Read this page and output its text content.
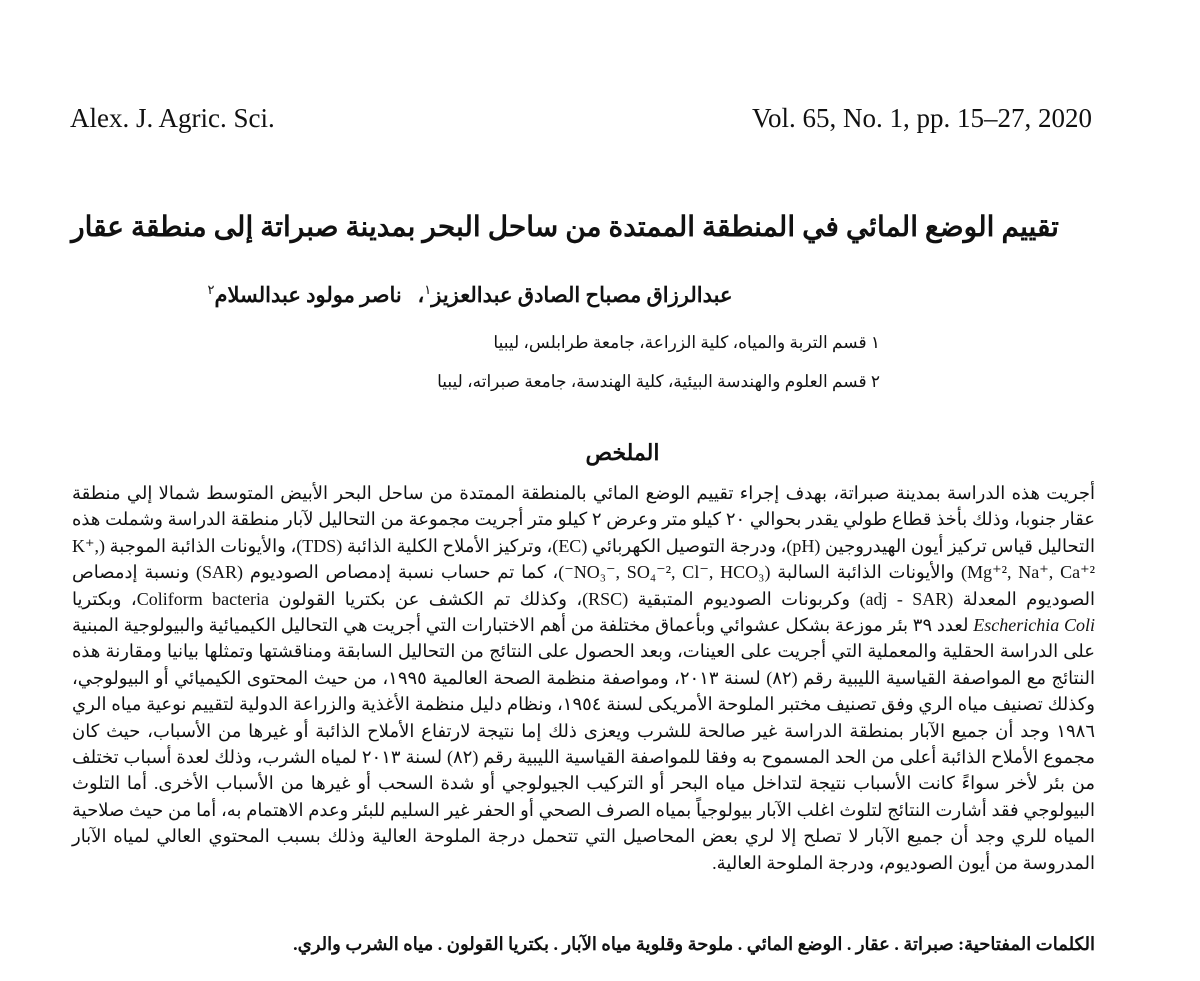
Alex. J. Agric. Sci.	Vol. 65, No. 1, pp. 15–27, 2020
تقييم الوضع المائي في المنطقة الممتدة من ساحل البحر بمدينة صبراتة إلى منطقة عقار
عبدالرزاق مصباح الصادق عبدالعزيز$^١$،   ناصر مولود عبدالسلام$^٢$
١ قسم التربة والمياه، كلية الزراعة، جامعة طرابلس، ليبيا
٢ قسم العلوم والهندسة البيئية، كلية الهندسة، جامعة صبراته، ليبيا
الملخص

أجريت هذه الدراسة بمدينة صبراتة، بهدف إجراء تقييم الوضع المائي بالمنطقة الممتدة من ساحل البحر الأبيض المتوسط شمالا إلي منطقة عقار جنوبا، وذلك بأخذ قطاع طولي يقدر بحوالي ٢٠ كيلو متر وعرض ٢ كيلو متر أجريت مجموعة من التحاليل لآبار منطقة الدراسة وشملت هذه التحاليل قياس تركيز أيون الهيدروجين (pH)، ودرجة التوصيل الكهربائي (EC)، وتركيز الأملاح الكلية الذائبة (TDS)، والأيونات الذائبة الموجبة (K⁺, Mg⁺², Na⁺, Ca⁺²) والأيونات الذائبة السالبة (NO₃⁻, SO₄⁻², Cl⁻, HCO₃⁻)، كما تم حساب نسبة إدمصاص الصوديوم (SAR) ونسبة إدمصاص الصوديوم المعدلة (adj - SAR) وكربونات الصوديوم المتبقية (RSC)، وكذلك تم الكشف عن بكتريا القولون Coliform bacteria، وبكتريا Escherichia Coli لعدد ٣٩ بئر موزعة بشكل عشوائي وبأعماق مختلفة من أهم الاختبارات التي أجريت هي التحاليل الكيميائية والبيولوجية المبنية على الدراسة الحقلية والمعملية التي أجريت على العينات، وبعد الحصول على النتائج من التحاليل السابقة ومناقشتها وتمثلها بيانيا ومقارنة هذه النتائج مع المواصفة القياسية الليبية رقم (٨٢) لسنة ٢٠١٣، ومواصفة منظمة الصحة العالمية ١٩٩٥، من حيث المحتوى الكيميائي أو البيولوجي، وكذلك تصنيف مياه الري وفق تصنيف مختبر الملوحة الأمريكى لسنة ١٩٥٤، ونظام دليل منظمة الأغذية والزراعة الدولية لتقييم نوعية مياه الري ١٩٨٦ وجد أن جميع الآبار بمنطقة الدراسة غير صالحة للشرب ويعزى ذلك إما نتيجة لارتفاع الأملاح الذائبة أو غيرها من الأسباب، حيث كان مجموع الأملاح الذائبة أعلى من الحد المسموح به وفقا للمواصفة القياسية الليبية رقم (٨٢) لسنة ٢٠١٣ لمياه الشرب، وذلك لعدة أسباب تختلف من بئر لأخر سواءً كانت الأسباب نتيجة لتداخل مياه البحر أو التركيب الجيولوجي أو شدة السحب أو غيرها من الأسباب الأخرى. أما التلوث البيولوجي فقد أشارت النتائج لتلوث اغلب الآبار بيولوجياً بمياه الصرف الصحي أو الحفر غير السليم للبئر وعدم الاهتمام به، أما من حيث صلاحية المياه للري وجد أن جميع الآبار لا تصلح إلا لري بعض المحاصيل التي تتحمل درجة الملوحة العالية وذلك بسبب المحتوي العالي لمياه الآبار المدروسة من أيون الصوديوم، ودرجة الملوحة العالية.

الكلمات المفتاحية: صبراتة . عقار . الوضع المائي . ملوحة وقلوية مياه الآبار . بكتريا القولون . مياه الشرب والري.
